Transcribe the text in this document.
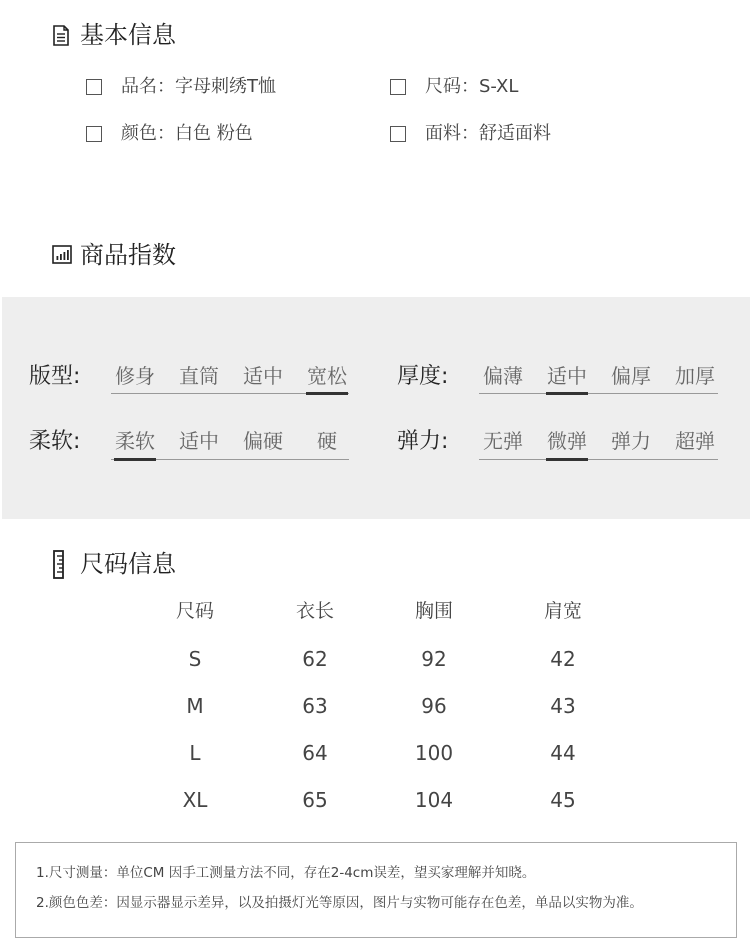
基本信息
品名 ：	字母刺绣T恤	尺码 ：	S-XL
颜色 ：	白色 粉色	面料 ：	舒适面料
商品指数
版型 :	修身	直筒	适中	宽松	厚度 :	偏薄	适中	偏厚	加厚
柔软 :	柔软	适中	偏硬	硬	弹力 :	无弹	微弹	弹力	超弹
尺码信息
尺码	衣长	胸围	肩宽
S	62	92	42
M	63	96	43
L	64	100	44
XL	65	104	45
1.尺寸测量：单位CM 因手工测量方法不同，存在2-4cm误差，望买家理解并知晓。
2.颜色色差：因显示器显示差异，以及拍摄灯光等原因，图片与实物可能存在色差，单品以实物为准。
